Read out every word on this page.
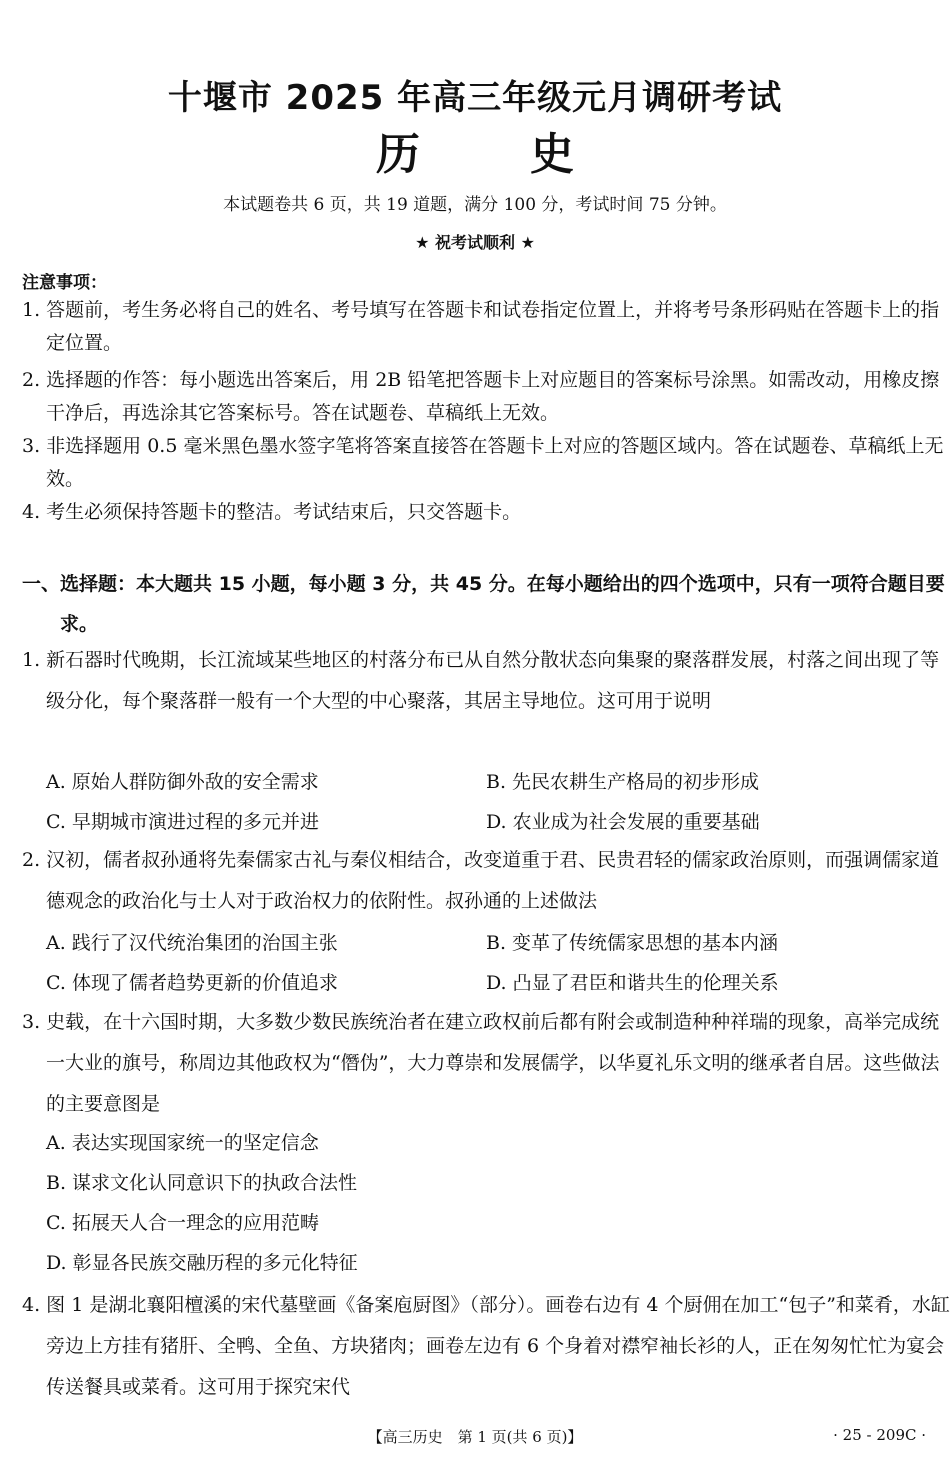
十堰市 2025 年高三年级元月调研考试
历史
本试题卷共 6 页，共 19 道题，满分 100 分，考试时间 75 分钟。
★ 祝考试顺利 ★
注意事项：
1. 答题前，考生务必将自己的姓名、考号填写在答题卡和试卷指定位置上，并将考号条形码贴在答题卡上的指定位置。
2. 选择题的作答：每小题选出答案后，用 2B 铅笔把答题卡上对应题目的答案标号涂黑。如需改动，用橡皮擦干净后，再选涂其它答案标号。答在试题卷、草稿纸上无效。
3. 非选择题用 0.5 毫米黑色墨水签字笔将答案直接答在答题卡上对应的答题区域内。答在试题卷、草稿纸上无效。
4. 考生必须保持答题卡的整洁。考试结束后，只交答题卡。
一、选择题：本大题共 15 小题，每小题 3 分，共 45 分。在每小题给出的四个选项中，只有一项符合题目要求。
1. 新石器时代晚期，长江流域某些地区的村落分布已从自然分散状态向集聚的聚落群发展，村落之间出现了等级分化，每个聚落群一般有一个大型的中心聚落，其居主导地位。这可用于说明
A. 原始人群防御外敌的安全需求	B. 先民农耕生产格局的初步形成
C. 早期城市演进过程的多元并进	D. 农业成为社会发展的重要基础
2. 汉初，儒者叔孙通将先秦儒家古礼与秦仪相结合，改变道重于君、民贵君轻的儒家政治原则，而强调儒家道德观念的政治化与士人对于政治权力的依附性。叔孙通的上述做法
A. 践行了汉代统治集团的治国主张	B. 变革了传统儒家思想的基本内涵
C. 体现了儒者趋势更新的价值追求	D. 凸显了君臣和谐共生的伦理关系
3. 史载，在十六国时期，大多数少数民族统治者在建立政权前后都有附会或制造种种祥瑞的现象，高举完成统一大业的旗号，称周边其他政权为“僭伪”，大力尊崇和发展儒学，以华夏礼乐文明的继承者自居。这些做法的主要意图是
A. 表达实现国家统一的坚定信念
B. 谋求文化认同意识下的执政合法性
C. 拓展天人合一理念的应用范畴
D. 彰显各民族交融历程的多元化特征
4. 图 1 是湖北襄阳檀溪的宋代墓壁画《备案庖厨图》（部分）。画卷右边有 4 个厨佣在加工“包子”和菜肴，水缸旁边上方挂有猪肝、全鸭、全鱼、方块猪肉；画卷左边有 6 个身着对襟窄袖长衫的人，正在匆匆忙忙为宴会传送餐具或菜肴。这可用于探究宋代
【高三历史　第 1 页(共 6 页)】	· 25 - 209C ·
